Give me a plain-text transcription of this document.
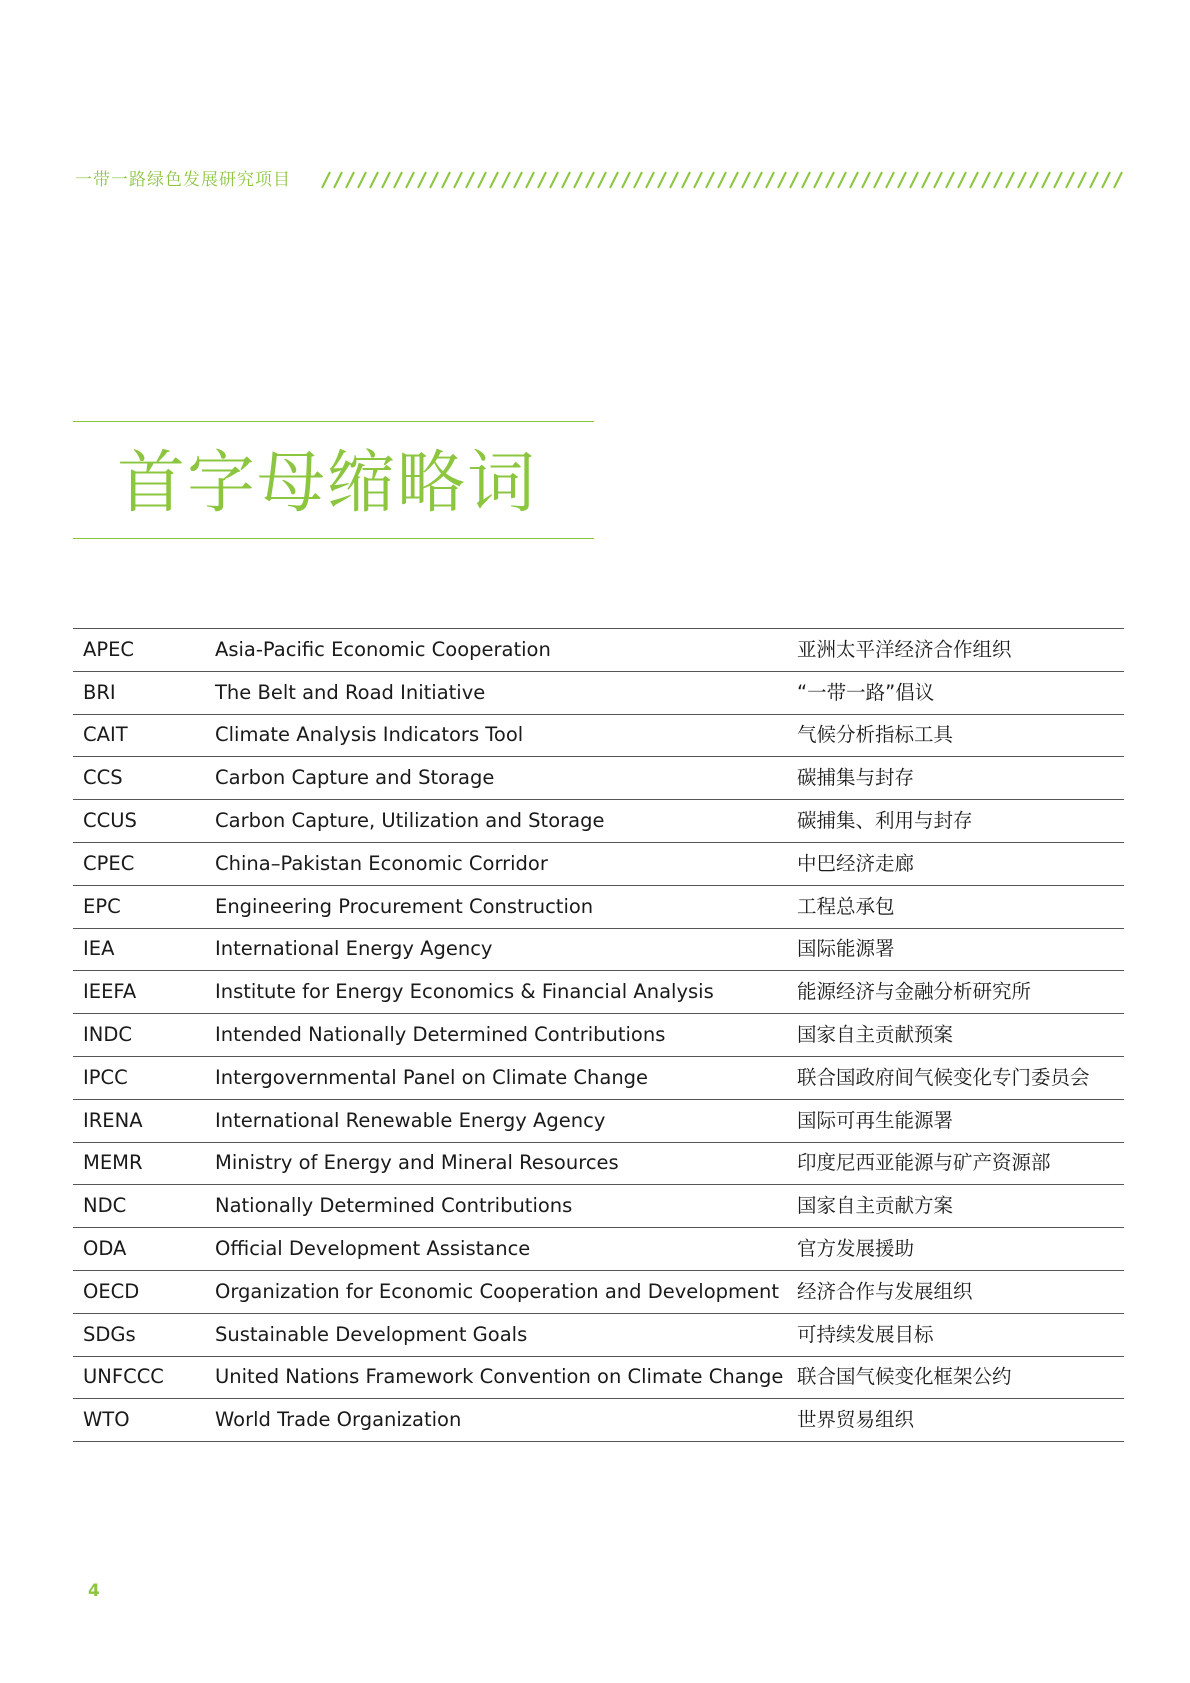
一带一路绿色发展研究项目
首字母缩略词
APEC	Asia-Pacific Economic Cooperation	亚洲太平洋经济合作组织
BRI	The Belt and Road Initiative	“一带一路”倡议
CAIT	Climate Analysis Indicators Tool	气候分析指标工具
CCS	Carbon Capture and Storage	碳捕集与封存
CCUS	Carbon Capture, Utilization and Storage	碳捕集、利用与封存
CPEC	China–Pakistan Economic Corridor	中巴经济走廊
EPC	Engineering Procurement Construction	工程总承包
IEA	International Energy Agency	国际能源署
IEEFA	Institute for Energy Economics & Financial Analysis	能源经济与金融分析研究所
INDC	Intended Nationally Determined Contributions	国家自主贡献预案
IPCC	Intergovernmental Panel on Climate Change	联合国政府间气候变化专门委员会
IRENA	International Renewable Energy Agency	国际可再生能源署
MEMR	Ministry of Energy and Mineral Resources	印度尼西亚能源与矿产资源部
NDC	Nationally Determined Contributions	国家自主贡献方案
ODA	Official Development Assistance	官方发展援助
OECD	Organization for Economic Cooperation and Development	经济合作与发展组织
SDGs	Sustainable Development Goals	可持续发展目标
UNFCCC	United Nations Framework Convention on Climate Change	联合国气候变化框架公约
WTO	World Trade Organization	世界贸易组织
4
